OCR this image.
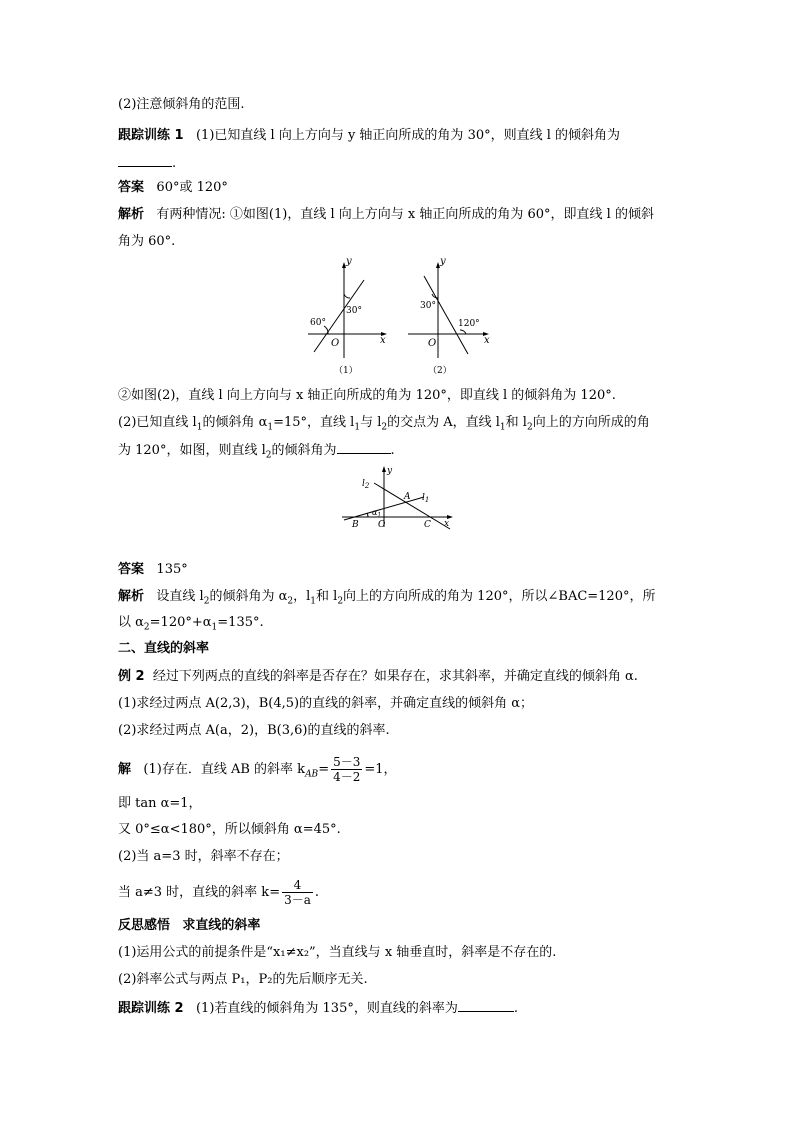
(2)注意倾斜角的范围.
跟踪训练 1 (1)已知直线 l 向上方向与 y 轴正向所成的角为 30°，则直线 l 的倾斜角为
.
答案 60°或 120°
解析 有两种情况: ①如图(1)，直线 l 向上方向与 x 轴正向所成的角为 60°，即直线 l 的倾斜
角为 60°.
y
x
O
30°
60°
（1）
y
x
O
30°
120°
（2）
②如图(2)，直线 l 向上方向与 x 轴正向所成的角为 120°，即直线 l 的倾斜角为 120°.
(2)已知直线 $l_1$的倾斜角 $\alpha_1=15^\circ$，直线 $l_1$与 $l_2$的交点为 A，直线 $l_1$和 $l_2$向上的方向所成的角
为 120°，如图，则直线 $l_2$的倾斜角为	.
y
x
O
$l_2$
$l_1$
A
B	C
$\alpha_1$
答案 135°
解析 设直线 $l_2$的倾斜角为 $\alpha_2$，$l_1$和 $l_2$向上的方向所成的角为 120°，所以∠BAC=120°，所
以 $\alpha_2=120^\circ+\alpha_1=135^\circ$.
二、直线的斜率
例 2 经过下列两点的直线的斜率是否存在？如果存在，求其斜率，并确定直线的倾斜角 α.
(1)求经过两点 A(2,3)，B(4,5)的直线的斜率，并确定直线的倾斜角 α；
(2)求经过两点 A(a，2)，B(3,6)的直线的斜率.
解 (1)存在．直线 AB 的斜率 $k_{AB}= \frac{5-3}{4-2} =1$，
即 tan α=1，
又 0°≤α<180°，所以倾斜角 α=45°.
(2)当 a=3 时，斜率不存在；
当 a≠3 时，直线的斜率 $k= \frac{4}{3-a}$ .
反思感悟 求直线的斜率
(1)运用公式的前提条件是“x₁≠x₂”，当直线与 x 轴垂直时，斜率是不存在的.
(2)斜率公式与两点 P₁，P₂的先后顺序无关.
跟踪训练 2 (1)若直线的倾斜角为 135°，则直线的斜率为	.
